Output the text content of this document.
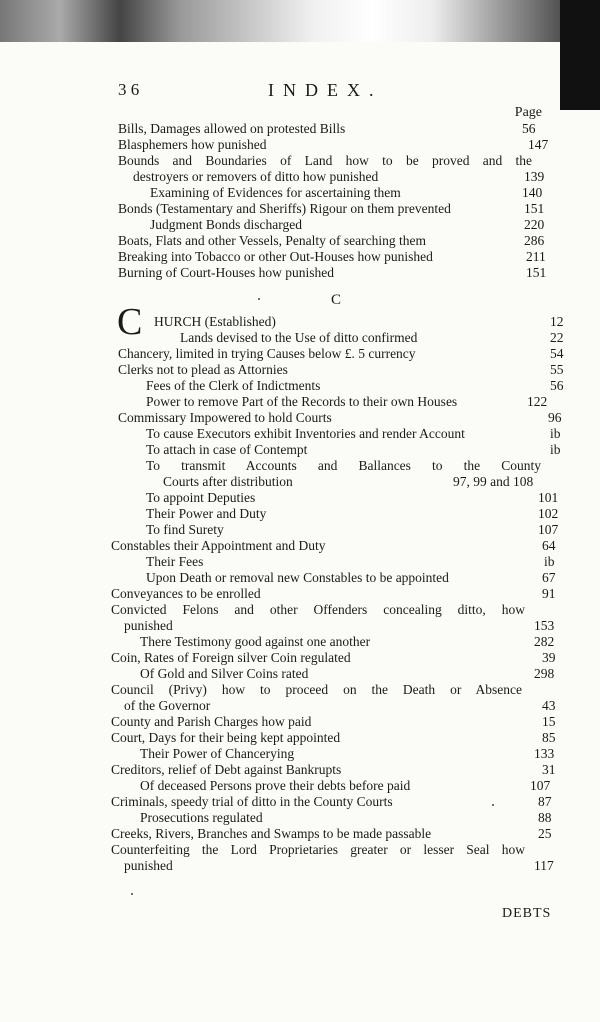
3 6	INDEX.
Page
C
C
Bills, Damages allowed on protested Bills	56
Blasphemers how punished	147
Bounds and Boundaries of Land how to be proved and the
destroyers or removers of ditto how punished	139
Examining of Evidences for ascertaining them	140
Bonds (Testamentary and Sheriffs) Rigour on them prevented	151
Judgment Bonds discharged	220
Boats, Flats and other Vessels, Penalty of searching them	286
Breaking into Tobacco or other Out-Houses how punished	211
Burning of Court-Houses how punished	151
HURCH (Established)	12
Lands devised to the Use of ditto confirmed	22
Chancery, limited in trying Causes below £. 5 currency	54
Clerks not to plead as Attornies	55
Fees of the Clerk of Indictments	56
Power to remove Part of the Records to their own Houses	122
Commissary Impowered to hold Courts	96
To cause Executors exhibit Inventories and render Account	ib
To attach in case of Contempt	ib
To transmit Accounts and Ballances to the County
Courts after distribution	97, 99 and 108
To appoint Deputies	101
Their Power and Duty	102
To find Surety	107
Constables their Appointment and Duty	64
Their Fees	ib
Upon Death or removal new Constables to be appointed	67
Conveyances to be enrolled	91
Convicted Felons and other Offenders concealing ditto, how
punished	153
There Testimony good against one another	282
Coin, Rates of Foreign silver Coin regulated	39
Of Gold and Silver Coins rated	298
Council (Privy) how to proceed on the Death or Absence
of the Governor	43
County and Parish Charges how paid	15
Court, Days for their being kept appointed	85
Their Power of Chancerying	133
Creditors, relief of Debt against Bankrupts	31
Of deceased Persons prove their debts before paid	107
Criminals, speedy trial of ditto in the County Courts	87
Prosecutions regulated	88
Creeks, Rivers, Branches and Swamps to be made passable	25
Counterfeiting the Lord Proprietaries greater or lesser Seal how
punished	117
DEBTS
